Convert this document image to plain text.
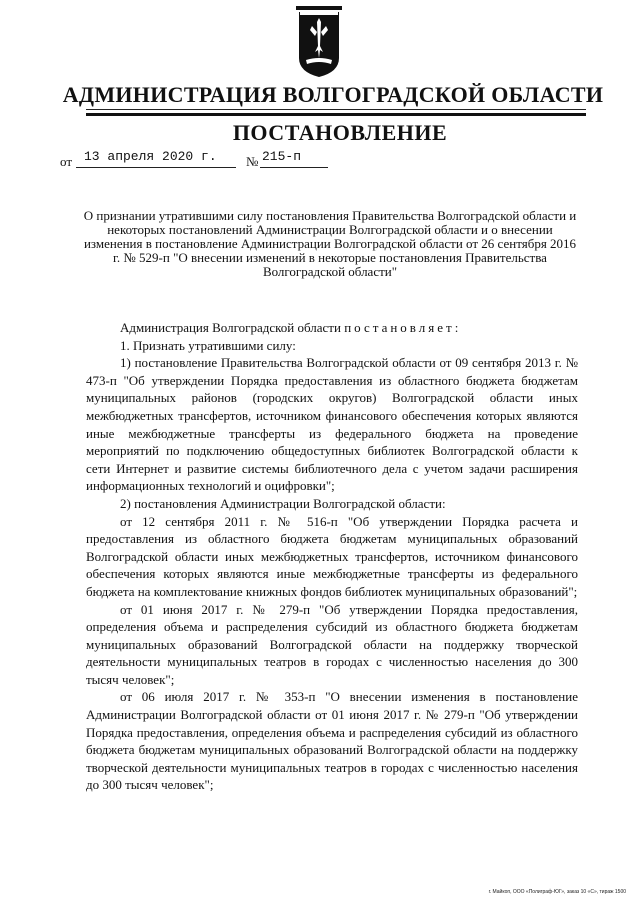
АДМИНИСТРАЦИЯ ВОЛГОГРАДСКОЙ ОБЛАСТИ
ПОСТАНОВЛЕНИЕ
от 13 апреля 2020 г. № 215-п
О признании утратившими силу постановления Правительства Волгоградской области и некоторых постановлений Администрации Волгоградской области и о внесении изменения в постановление Администрации Волгоградской области от 26 сентября 2016 г. № 529-п "О внесении изменений в некоторые постановления Правительства Волгоградской области"

Администрация Волгоградской области постановляет:

1. Признать утратившими силу:

1) постановление Правительства Волгоградской области от 09 сентября 2013 г. № 473-п "Об утверждении Порядка предоставления из областного бюджета бюджетам муниципальных районов (городских округов) Волгоградской области иных межбюджетных трансфертов, источником финансового обеспечения которых являются иные межбюджетные трансферты из федерального бюджета на проведение мероприятий по подключению общедоступных библиотек Волгоградской области к сети Интернет и развитие системы библиотечного дела с учетом задачи расширения информационных технологий и оцифровки";

2) постановления Администрации Волгоградской области:

от 12 сентября 2011 г. № 516-п "Об утверждении Порядка расчета и предоставления из областного бюджета бюджетам муниципальных образований Волгоградской области иных межбюджетных трансфертов, источником финансового обеспечения которых являются иные межбюджетные трансферты из федерального бюджета на комплектование книжных фондов библиотек муниципальных образований";

от 01 июня 2017 г. № 279-п "Об утверждении Порядка предоставления, определения объема и распределения субсидий из областного бюджета бюджетам муниципальных образований Волгоградской области на поддержку творческой деятельности муниципальных театров в городах с численностью населения до 300 тысяч человек";

от 06 июля 2017 г. № 353-п "О внесении изменения в постановление Администрации Волгоградской области от 01 июня 2017 г. № 279-п "Об утверждении Порядка предоставления, определения объема и распределения субсидий из областного бюджета бюджетам муниципальных образований Волгоградской области на поддержку творческой деятельности муниципальных театров в городах с численностью населения до 300 тысяч человек";

г. Майкоп, ООО «Полиграф-ЮГ», заказ 10 «С», тираж 1500
